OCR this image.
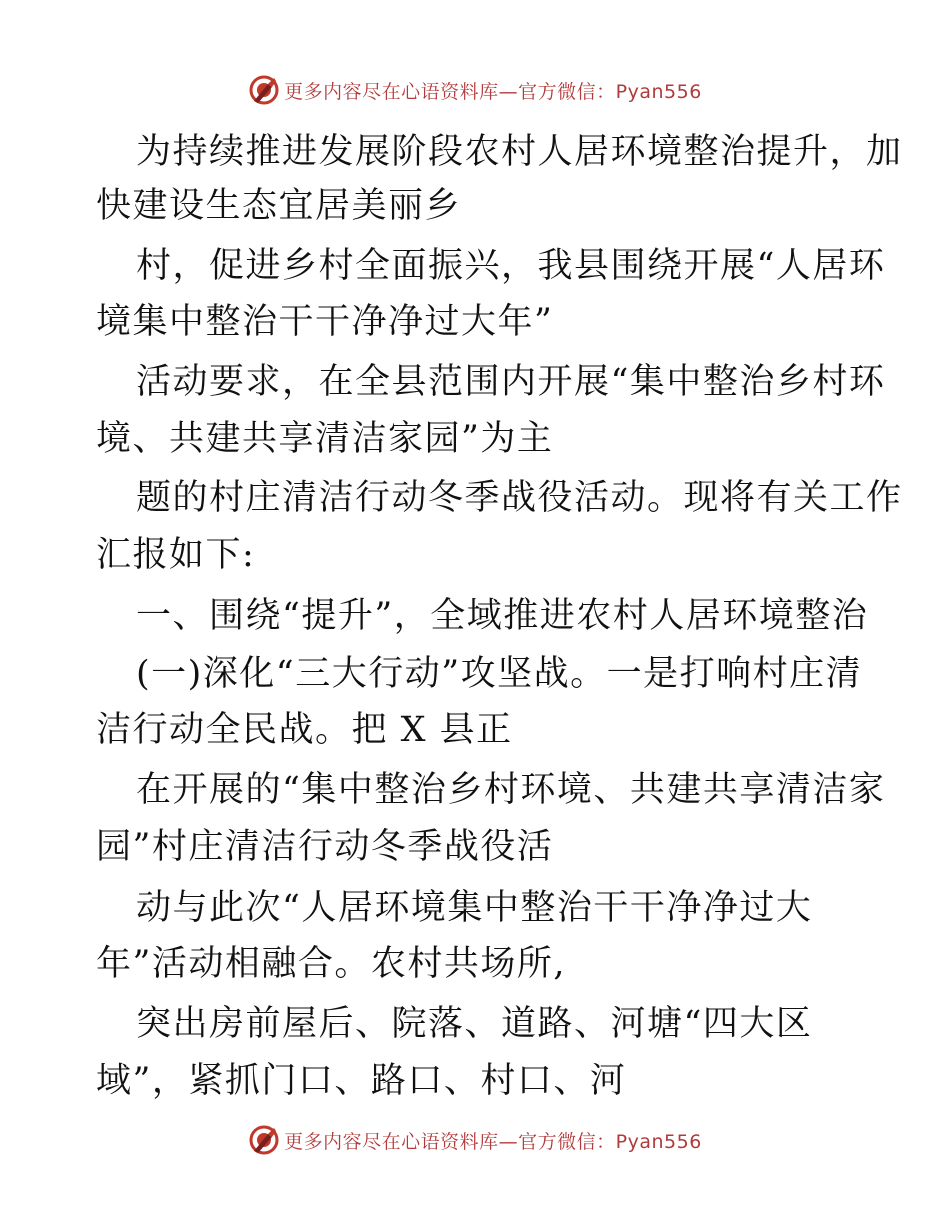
更多内容尽在心语资料库—官方微信：Pyan556
为持续推进发展阶段农村人居环境整治提升，加
快建设生态宜居美丽乡
村，促进乡村全面振兴，我县围绕开展“人居环
境集中整治干干净净过大年”
活动要求，在全县范围内开展“集中整治乡村环
境、共建共享清洁家园”为主
题的村庄清洁行动冬季战役活动。现将有关工作
汇报如下:
一、围绕“提升”，全域推进农村人居环境整治
(一)深化“三大行动”攻坚战。一是打响村庄清
洁行动全民战。把 X 县正
在开展的“集中整治乡村环境、共建共享清洁家
园”村庄清洁行动冬季战役活
动与此次“人居环境集中整治干干净净过大
年”活动相融合。农村共场所,
突出房前屋后、院落、道路、河塘“四大区
域”，紧抓门口、路口、村口、河
更多内容尽在心语资料库—官方微信：Pyan556
